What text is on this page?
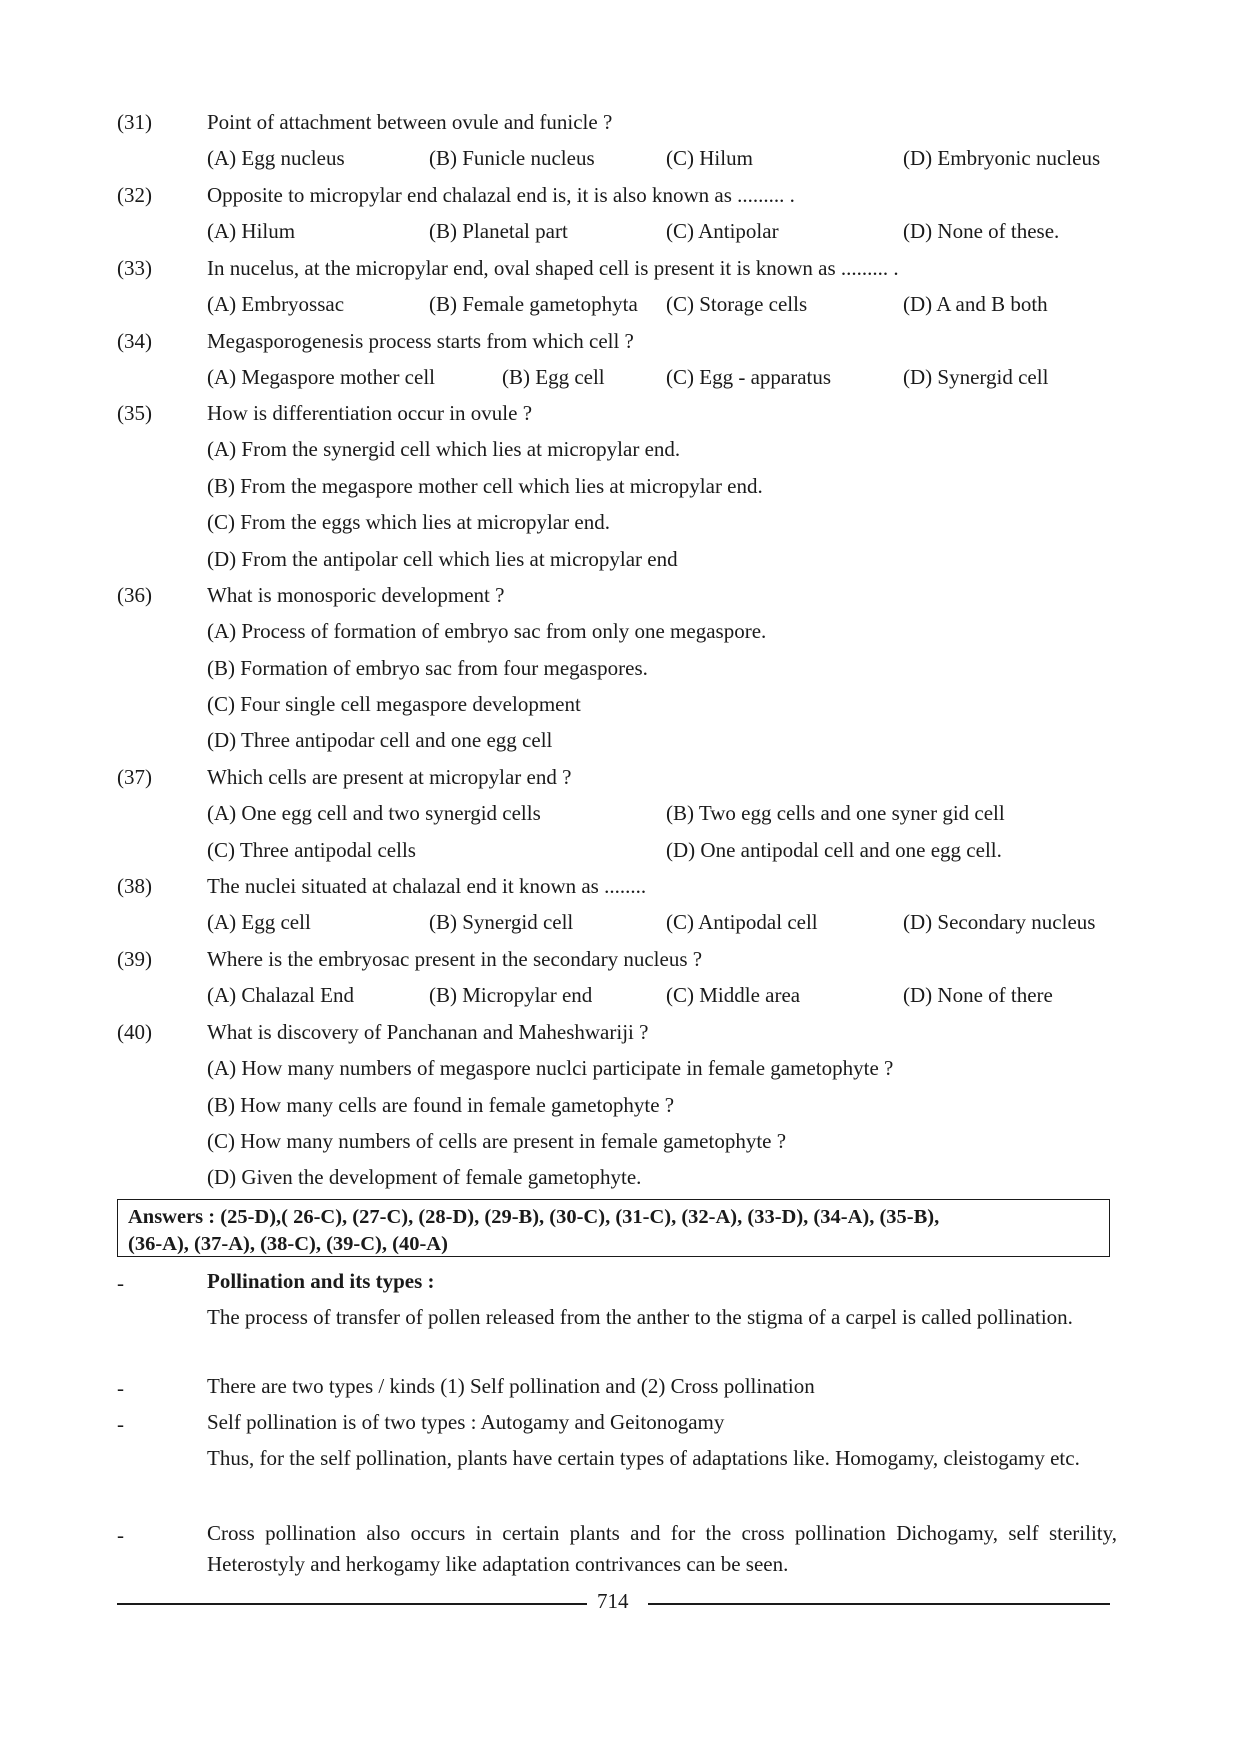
(31)	Point of attachment between ovule and funicle ?
(A) Egg nucleus	(B) Funicle nucleus	(C) Hilum	(D) Embryonic nucleus
(32)	Opposite to micropylar end chalazal end is, it is also known as ......... .
(A) Hilum	(B) Planetal part	(C) Antipolar	(D) None of these.
(33)	In nucelus, at the micropylar end, oval shaped cell is present it is known as ......... .
(A) Embryossac	(B) Female gametophyta (C) Storage cells	(D) A and B both
(34)	Megasporogenesis process starts from which cell ?
(A) Megaspore mother cell	(B) Egg cell	(C) Egg - apparatus	(D) Synergid cell
(35)	How is differentiation occur in ovule ?
(A) From the synergid cell which lies at micropylar end.
(B) From the megaspore mother cell which lies at micropylar end.
(C) From the eggs which lies at micropylar end.
(D) From the antipolar cell which lies at micropylar end
(36)	What is monosporic development ?
(A) Process of formation of embryo sac from only one megaspore.
(B) Formation of embryo sac from four megaspores.
(C) Four single cell megaspore development
(D) Three antipodar cell and one egg cell
(37)	Which cells are present at micropylar end ?
(A) One egg cell and two synergid cells	(B) Two egg cells and one syner gid cell
(C) Three antipodal cells	(D) One antipodal cell and one egg cell.
(38)	The nuclei situated at chalazal end it known as ........
(A) Egg cell	(B) Synergid cell	(C) Antipodal cell	(D) Secondary nucleus
(39)	Where is the embryosac present in the secondary nucleus ?
(A) Chalazal End	(B) Micropylar end	(C) Middle area	(D) None of there
(40)	What is discovery of Panchanan and Maheshwariji ?
(A) How many numbers of megaspore nuclci participate in female gametophyte ?
(B) How many cells are found in female gametophyte ?
(C) How many numbers of cells are present in female gametophyte ?
(D) Given the development of female gametophyte.
Answers : (25-D),( 26-C), (27-C), (28-D), (29-B), (30-C), (31-C), (32-A), (33-D), (34-A), (35-B),
(36-A), (37-A), (38-C), (39-C), (40-A)
-	Pollination and its types :
The process of transfer of pollen released from the anther to the stigma of a carpel is called pollination.
-	There are two types / kinds (1) Self pollination and (2) Cross pollination
-	Self pollination is of two types : Autogamy and Geitonogamy
Thus, for the self pollination, plants have certain types of adaptations like. Homogamy, cleistogamy etc.
-	Cross pollination also occurs in certain plants and for the cross pollination Dichogamy, self sterility, Heterostyly and herkogamy like adaptation contrivances can be seen.
714
